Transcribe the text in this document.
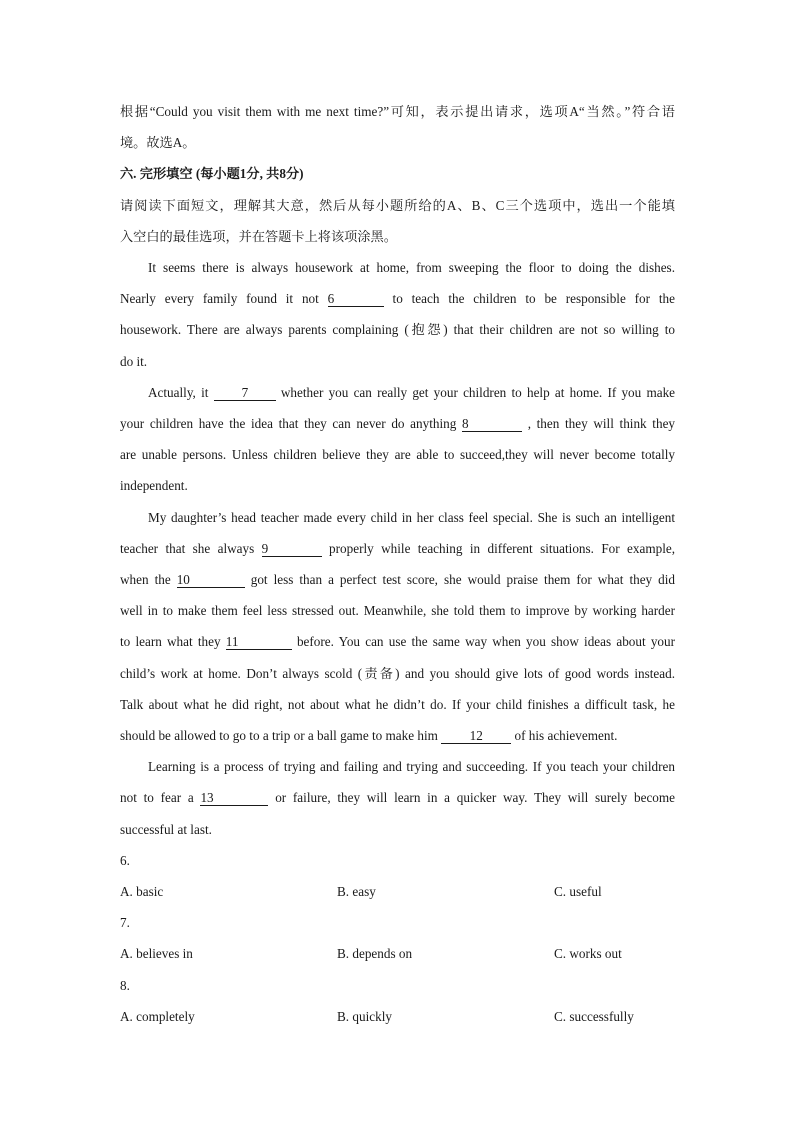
根据“Could you visit them with me next time?”可知，表示提出请求，选项A“当然。”符合语
境。故选A。
六. 完形填空 (每小题1分, 共8分)
请阅读下面短文，理解其大意，然后从每小题所给的A、B、C三个选项中，选出一个能填
入空白的最佳选项，并在答题卡上将该项涂黑。
It seems there is always housework at home, from sweeping the floor to doing the dishes.
Nearly every family found it not 6	to teach the children to be responsible for the
housework. There are always parents complaining (抱怨) that their children are not so willing to
do it.
Actually, it	7 whether you can really get your children to help at home. If you make
your children have the idea that they can never do anything 8	, then they will think they
are unable persons. Unless children believe they are able to succeed,they will never become totally
independent.
My daughter’s head teacher made every child in her class feel special. She is such an intelligent
teacher that she always 9	properly while teaching in different situations. For example,
when the 10	got less than a perfect test score, she would praise them for what they did
well in to make them feel less stressed out. Meanwhile, she told them to improve by working harder
to learn what they 11	before. You can use the same way when you show ideas about your
child’s work at home. Don’t always scold (责备) and you should give lots of good words instead.
Talk about what he did right, not about what he didn’t do. If your child finishes a difficult task, he
should be allowed to go to a trip or a ball game to make him 12 of his achievement.
Learning is a process of trying and failing and trying and succeeding. If you teach your children
not to fear a 13	or failure, they will learn in a quicker way. They will surely become
successful at last.
6.
A. basic	B. easy	C. useful
7.
A. believes in	B. depends on	C. works out
8.
A. completely	B. quickly	C. successfully
